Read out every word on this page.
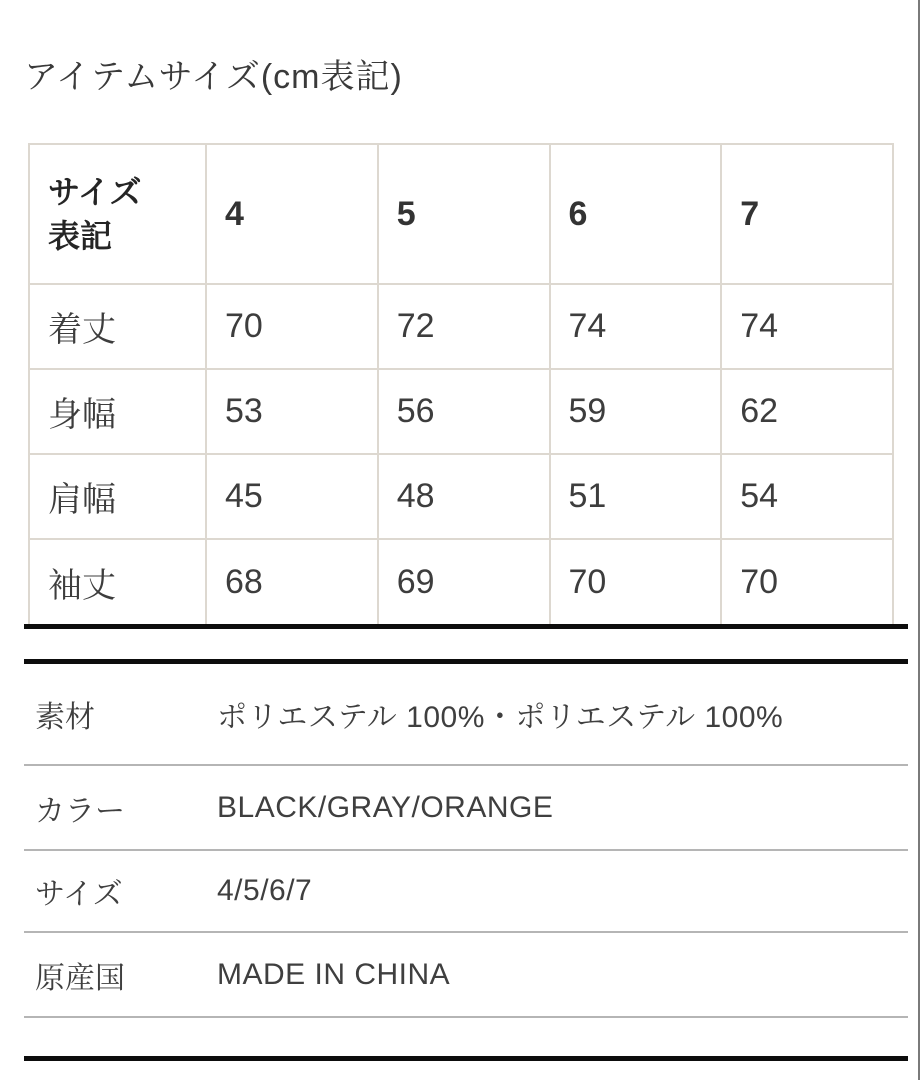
アイテムサイズ(cm表記)
サイズ
表記	4	5	6	7
着丈	70	72	74	74
身幅	53	56	59	62
肩幅	45	48	51	54
袖丈	68	69	70	70
素材	ポリエステル 100%・ポリエステル 100%
カラー	BLACK/GRAY/ORANGE
サイズ	4/5/6/7
原産国	MADE IN CHINA
